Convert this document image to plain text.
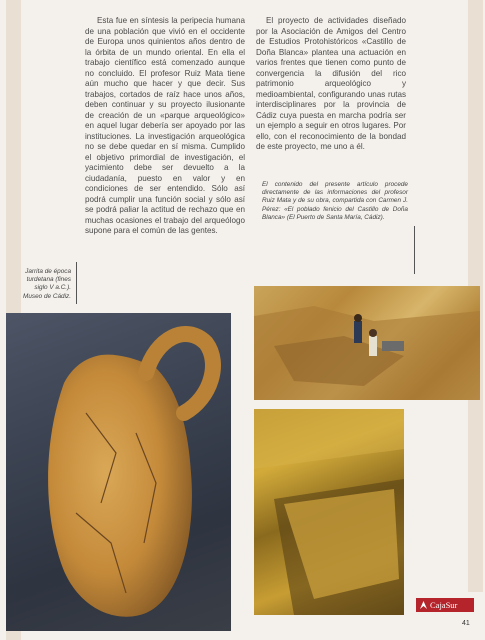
Esta fue en síntesis la peripecia humana de una población que vivió en el occidente de Europa unos quinientos años dentro de la órbita de un mundo oriental. En ella el trabajo científico está comenzado aunque no concluido. El profesor Ruiz Mata tiene aún mucho que hacer y que decir. Sus trabajos, cortados de raíz hace unos años, deben continuar y su proyecto ilusionante de creación de un «parque arqueológico» en aquel lugar debería ser apoyado por las instituciones. La investigación arqueológica no se debe quedar en sí misma. Cumplido el objetivo primordial de investigación, el yacimiento debe ser devuelto a la ciudadanía, puesto en valor y en condiciones de ser entendido. Sólo así podrá cumplir una función social y sólo así se podrá paliar la actitud de rechazo que en muchas ocasiones el trabajo del arqueólogo supone para el común de las gentes.
El proyecto de actividades diseñado por la Asociación de Amigos del Centro de Estudios Protohistóricos «Castillo de Doña Blanca» plantea una actuación en varios frentes que tienen como punto de convergencia la difusión del rico patrimonio arqueológico y medioambiental, configurando unas rutas interdisciplinares por la provincia de Cádiz cuya puesta en marcha podría ser un ejemplo a seguir en otros lugares. Por ello, con el reconocimiento de la bondad de este proyecto, me uno a él.
Jarrita de época turdetana (fines siglo V a.C.). Museo de Cádiz.
El contenido del presente artículo procede directamente de las informaciones del profesor Ruiz Mata y de su obra, compartida con Carmen J. Pérez: «El poblado fenicio del Castillo de Doña Blanca» (El Puerto de Santa María, Cádiz).
CajaSur
41
